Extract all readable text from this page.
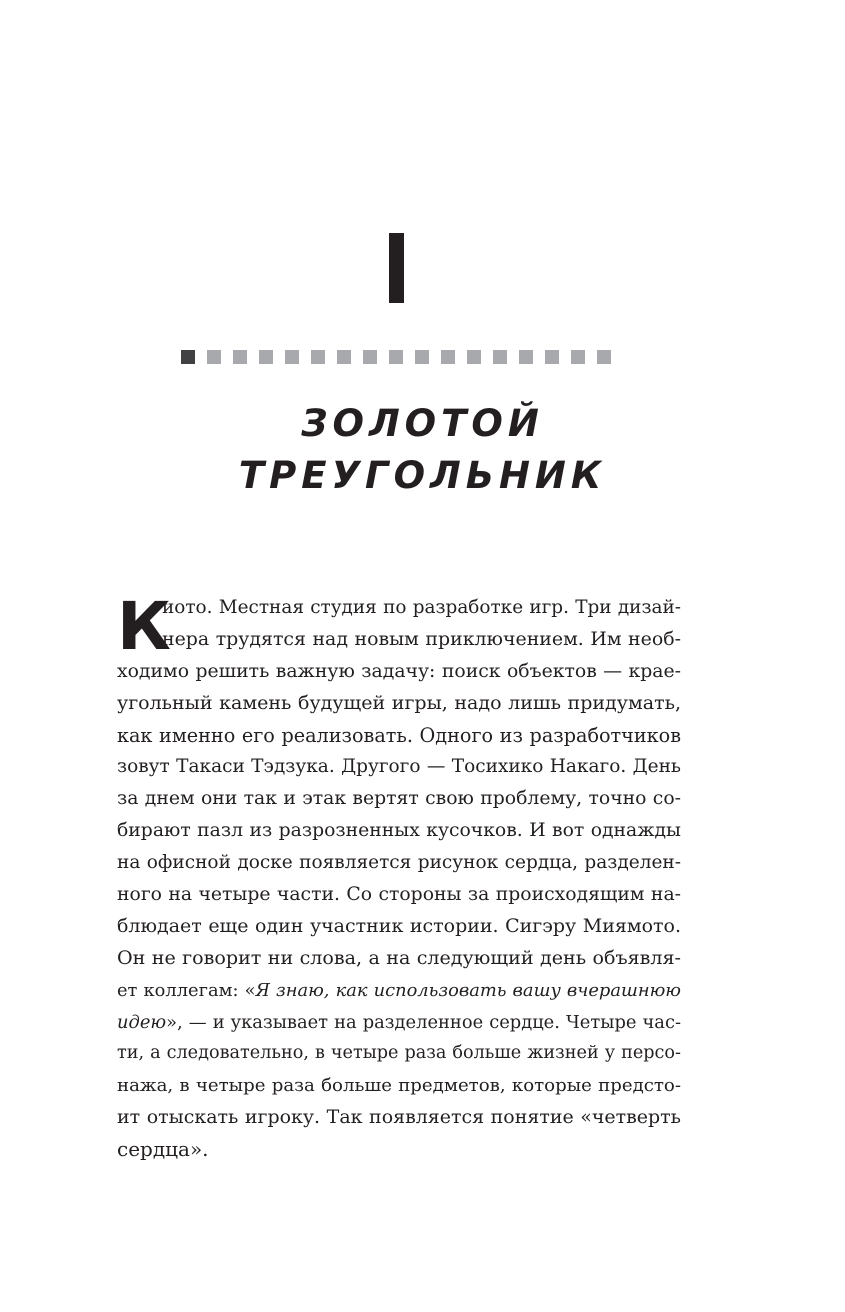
ЗОЛОТОЙ
ТРЕУГОЛЬНИК
К
иото. Местная студия по разработке игр. Три дизай-
нера трудятся над новым приключением. Им необ-
ходимо решить важную задачу: поиск объектов — крае-
угольный камень будущей игры, надо лишь придумать,
как именно его реализовать. Одного из разработчиков
зовут Такаси Тэдзука. Другого — Тосихико Накаго. День
за днем они так и этак вертят свою проблему, точно со-
бирают пазл из разрозненных кусочков. И вот однажды
на офисной доске появляется рисунок сердца, разделен-
ного на четыре части. Со стороны за происходящим на-
блюдает еще один участник истории. Сигэру Миямото.
Он не говорит ни слова, а на следующий день объявля-
ет коллегам: «Я знаю, как использовать вашу вчерашнюю
идею», — и указывает на разделенное сердце. Четыре час-
ти, а следовательно, в четыре раза больше жизней у персо-
нажа, в четыре раза больше предметов, которые предсто-
ит отыскать игроку. Так появляется понятие «четверть
сердца».
